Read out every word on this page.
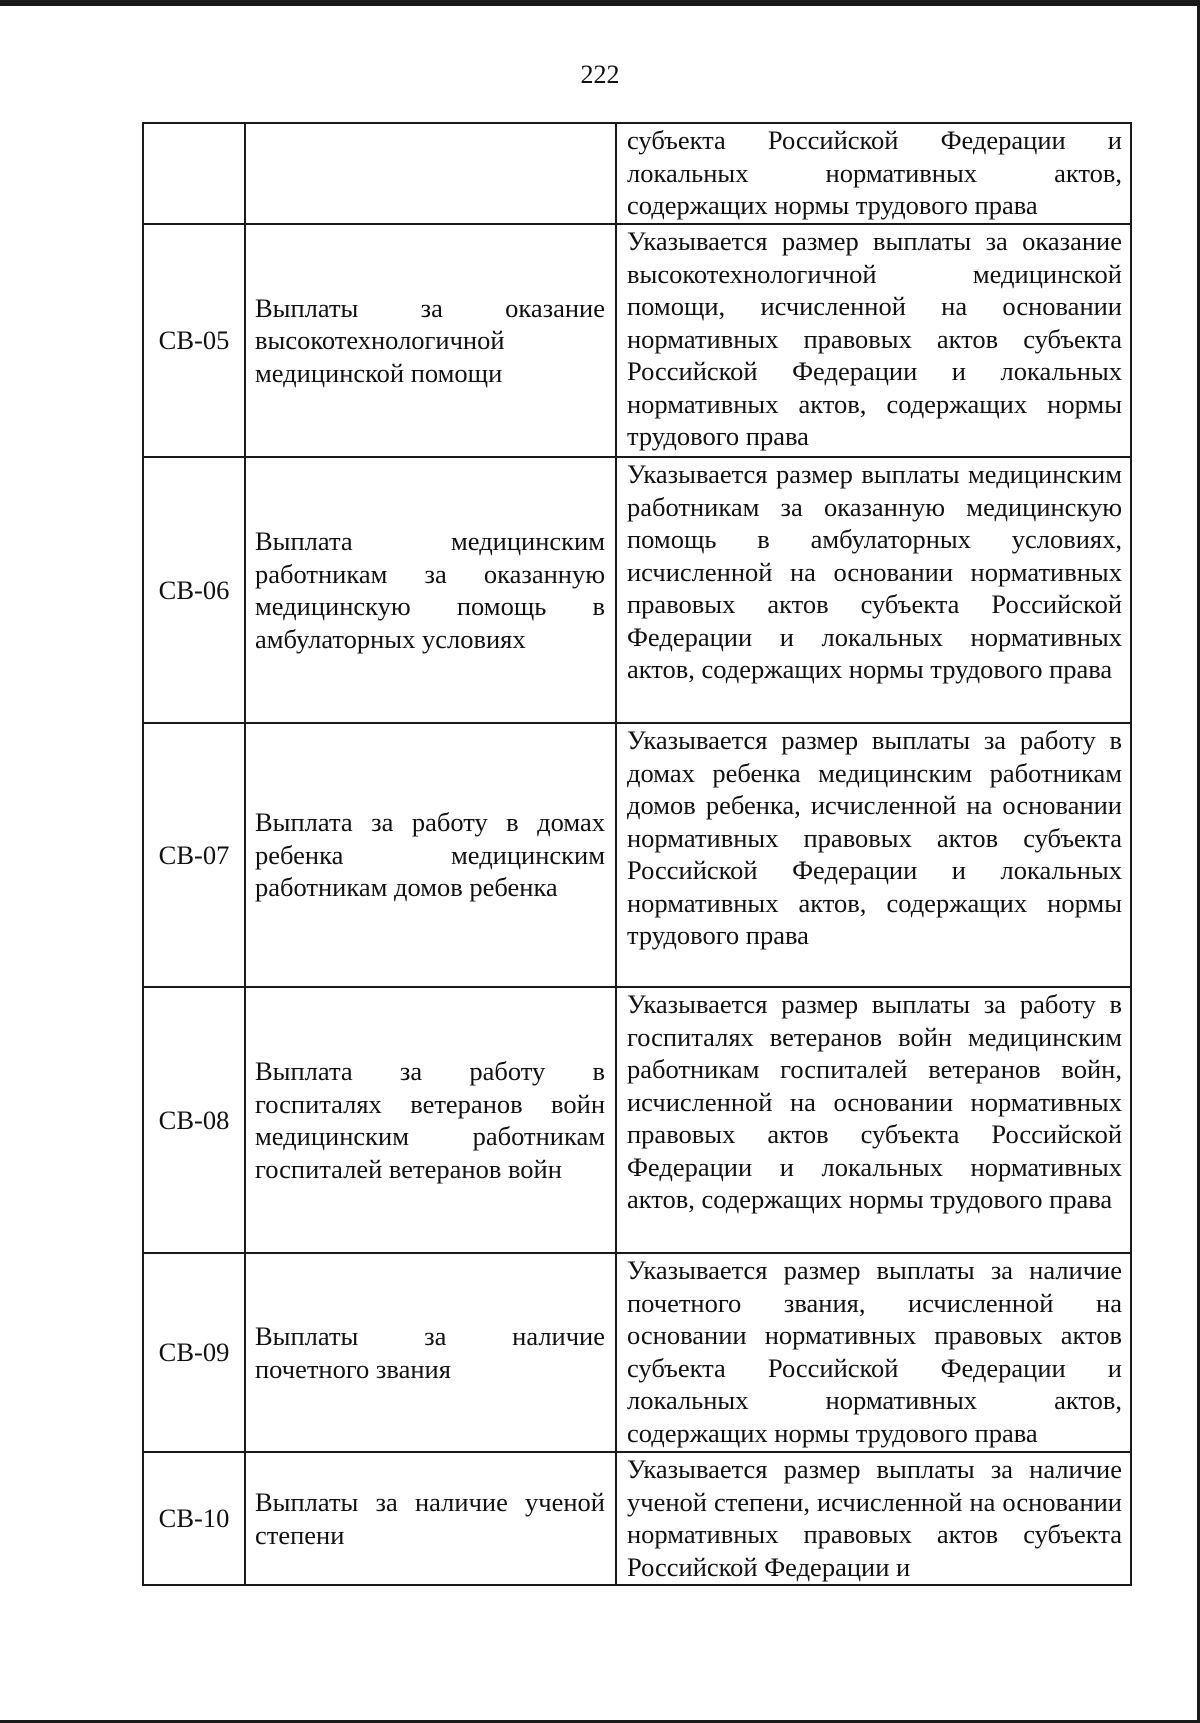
222

		субъекта Российской Федерации и локальных нормативных актов, содержащих нормы трудового права

СВ-05	Выплаты за оказание высокотехнологичной медицинской помощи	Указывается размер выплаты за оказание высокотехнологичной медицинской помощи, исчисленной на основании нормативных правовых актов субъекта Российской Федерации и локальных нормативных актов, содержащих нормы трудового права

СВ-06	Выплата медицинским работникам за оказанную медицинскую помощь в амбулаторных условиях	Указывается размер выплаты медицинским работникам за оказанную медицинскую помощь в амбулаторных условиях, исчисленной на основании нормативных правовых актов субъекта Российской Федерации и локальных нормативных актов, содержащих нормы трудового права

СВ-07	Выплата за работу в домах ребенка медицинским работникам домов ребенка	Указывается размер выплаты за работу в домах ребенка медицинским работникам домов ребенка, исчисленной на основании нормативных правовых актов субъекта Российской Федерации и локальных нормативных актов, содержащих нормы трудового права

СВ-08	Выплата за работу в госпиталях ветеранов войн медицинским работникам госпиталей ветеранов войн	Указывается размер выплаты за работу в госпиталях ветеранов войн медицинским работникам госпиталей ветеранов войн, исчисленной на основании нормативных правовых актов субъекта Российской Федерации и локальных нормативных актов, содержащих нормы трудового права

СВ-09	Выплаты за наличие почетного звания	Указывается размер выплаты за наличие почетного звания, исчисленной на основании нормативных правовых актов субъекта Российской Федерации и локальных нормативных актов, содержащих нормы трудового права

СВ-10	Выплаты за наличие ученой степени	Указывается размер выплаты за наличие ученой степени, исчисленной на основании нормативных правовых актов субъекта Российской Федерации и
